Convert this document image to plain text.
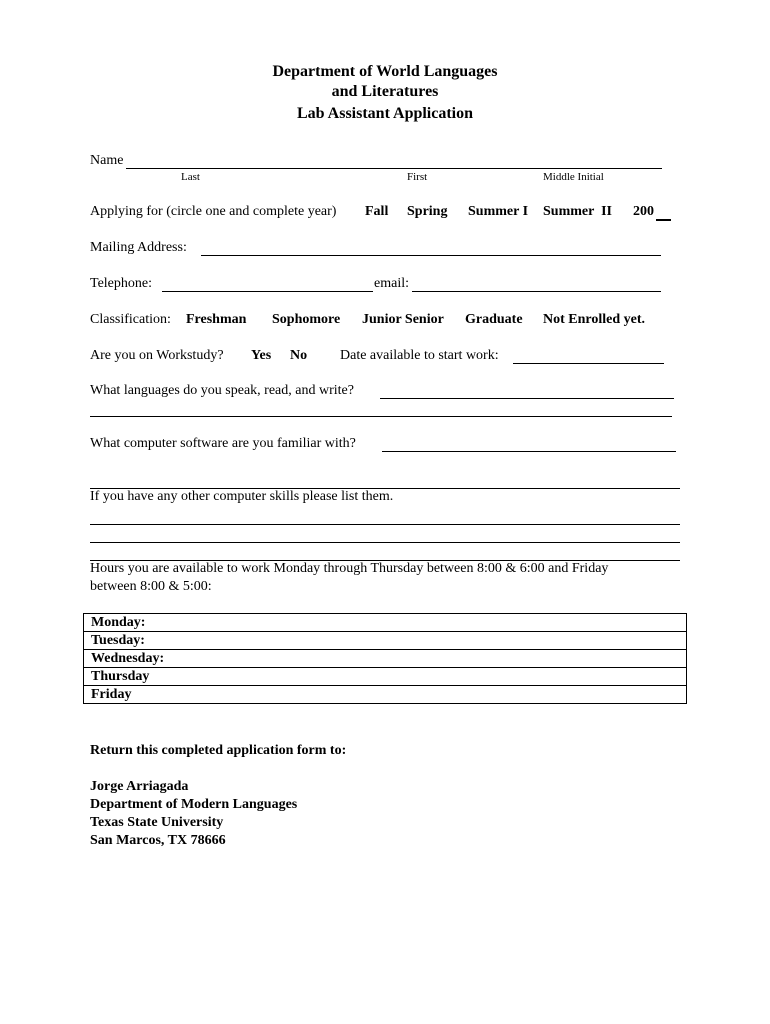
Department of World Languages
and Literatures
Lab Assistant Application
Name
Last	First	Middle Initial
Applying for (circle one and complete year) Fall Spring Summer I Summer  II 200
Mailing Address:
Telephone:	email:
Classification: Freshman Sophomore Junior Senior Graduate Not Enrolled yet.
Are you on Workstudy? Yes No Date available to start work:
What languages do you speak, read, and write?
What computer software are you familiar with?
If you have any other computer skills please list them.
Hours you are available to work Monday through Thursday between 8:00 & 6:00 and Friday
between 8:00 & 5:00:
Monday:
Tuesday:
Wednesday:
Thursday
Friday
Return this completed application form to:
Jorge Arriagada
Department of Modern Languages
Texas State University
San Marcos, TX 78666
